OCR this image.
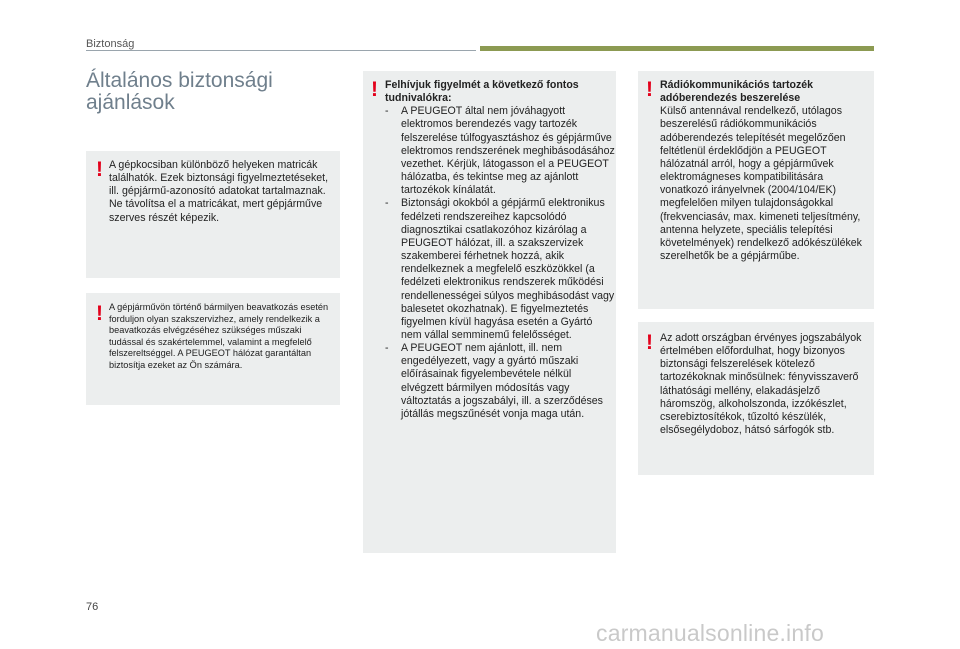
Biztonság
Általános biztonsági ajánlások
! A gépkocsiban különböző helyeken matricák találhatók. Ezek biztonsági figyelmeztetéseket, ill. gépjármű-azonosító adatokat tartalmaznak. Ne távolítsa el a matricákat, mert gépjárműve szerves részét képezik.

! A gépjárművön történő bármilyen beavatkozás esetén forduljon olyan szakszervizhez, amely rendelkezik a beavatkozás elvégzéséhez szükséges műszaki tudással és szakértelemmel, valamint a megfelelő felszereltséggel. A PEUGEOT hálózat garantáltan biztosítja ezeket az Ön számára.

! Felhívjuk figyelmét a következő fontos tudnivalókra:
-	A PEUGEOT által nem jóváhagyott elektromos berendezés vagy tartozék felszerelése túlfogyasztáshoz és gépjárműve elektromos rendszerének meghibásodásához vezethet. Kérjük, látogasson el a PEUGEOT hálózatba, és tekintse meg az ajánlott tartozékok kínálatát.
-	Biztonsági okokból a gépjármű elektronikus fedélzeti rendszereihez kapcsolódó diagnosztikai csatlakozóhoz kizárólag a PEUGEOT hálózat, ill. a szakszervizek szakemberei férhetnek hozzá, akik rendelkeznek a megfelelő eszközökkel (a fedélzeti elektronikus rendszerek működési rendellenességei súlyos meghibásodást vagy balesetet okozhatnak). E figyelmeztetés figyelmen kívül hagyása esetén a Gyártó nem vállal semminemű felelősséget.
-	A PEUGEOT nem ajánlott, ill. nem engedélyezett, vagy a gyártó műszaki előírásainak figyelembevétele nélkül elvégzett bármilyen módosítás vagy változtatás a jogszabályi, ill. a szerződéses jótállás megszűnését vonja maga után.
! Rádiókommunikációs tartozék
adóberendezés beszerelése
Külső antennával rendelkező, utólagos beszerelésű rádiókommunikációs adóberendezés telepítését megelőzően feltétlenül érdeklődjön a PEUGEOT hálózatnál arról, hogy a gépjárművek elektromágneses kompatibilitására vonatkozó irányelvnek (2004/104/EK) megfelelően milyen tulajdonságokkal (frekvenciasáv, max. kimeneti teljesítmény, antenna helyzete, speciális telepítési követelmények) rendelkező adókészülékek szerelhetők be a gépjárműbe.
! Az adott országban érvényes jogszabályok értelmében előfordulhat, hogy bizonyos biztonsági felszerelések kötelező tartozékoknak minősülnek: fényvisszaverő láthatósági mellény, elakadásjelző háromszög, alkoholszonda, izzókészlet, cserebiztosítékok, tűzoltó készülék, elsősegélydoboz, hátsó sárfogók stb.
76
carmanualsonline.info
